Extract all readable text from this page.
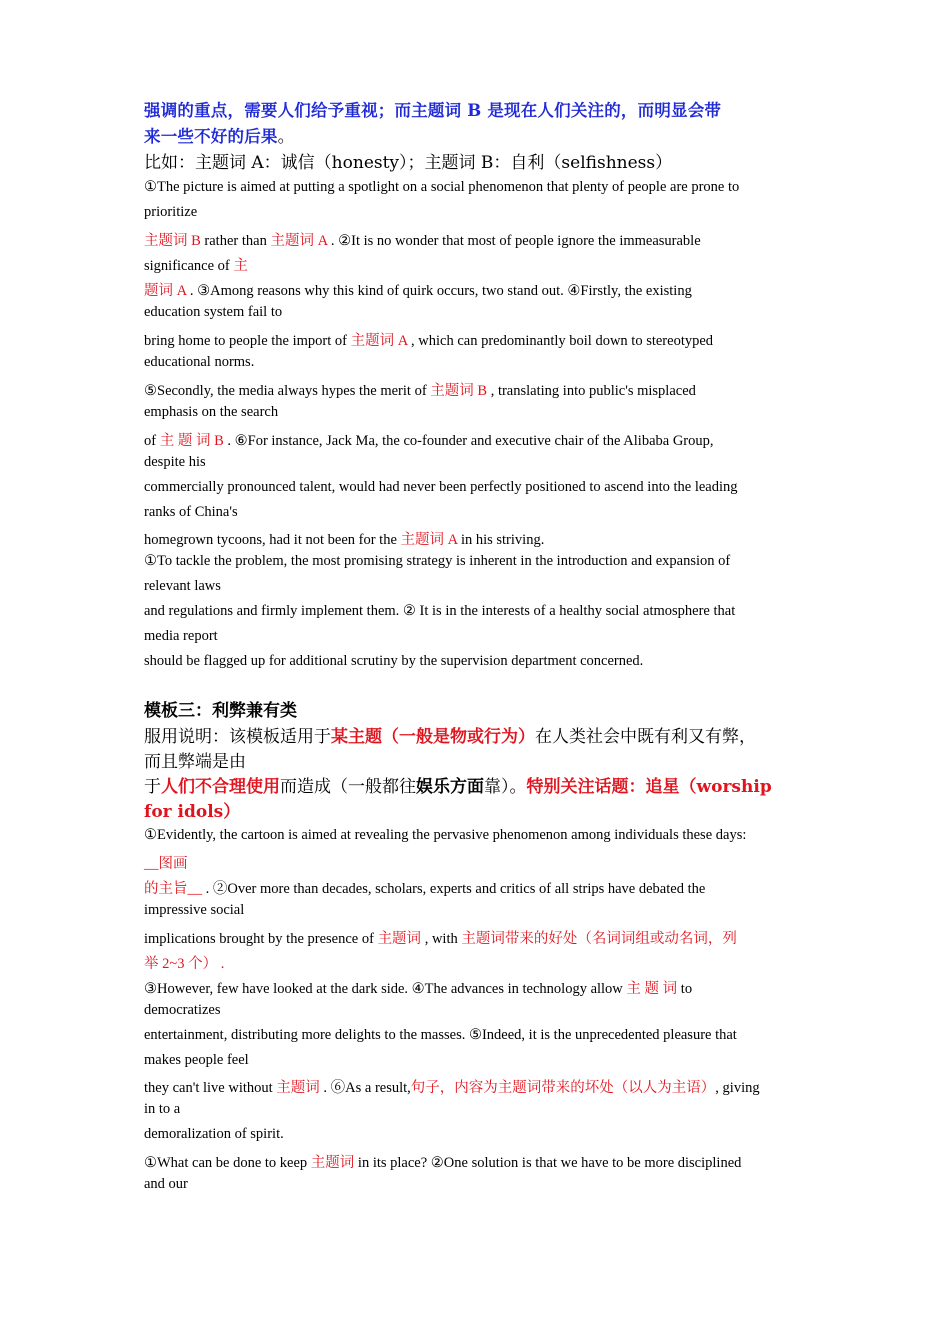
强调的重点，需要人们给予重视；而主题词 B 是现在人们关注的，而明显会带
来一些不好的后果。
比如：主题词 A：诚信（honesty）；主题词 B：自利（selfishness）
①The picture is aimed at putting a spotlight on a social phenomenon that plenty of people are prone to
prioritize
主题词 B rather than 主题词 A . ②It is no wonder that most of people ignore the immeasurable
significance of 主
题词 A . ③Among reasons why this kind of quirk occurs, two stand out. ④Firstly, the existing
education system fail to
bring home to people the import of 主题词 A , which can predominantly boil down to stereotyped
educational norms.
⑤Secondly, the media always hypes the merit of 主题词 B , translating into public's misplaced
emphasis on the search
of 主 题 词 B . ⑥For instance, Jack Ma, the co-founder and executive chair of the Alibaba Group,
despite his
commercially pronounced talent, would had never been perfectly positioned to ascend into the leading
ranks of China's
homegrown tycoons, had it not been for the 主题词 A in his striving.
①To tackle the problem, the most promising strategy is inherent in the introduction and expansion of
relevant laws
and regulations and firmly implement them. ② It is in the interests of a healthy social atmosphere that
media report
should be flagged up for additional scrutiny by the supervision department concerned.
模板三：利弊兼有类
服用说明：该模板适用于某主题（一般是物或行为）在人类社会中既有利又有弊，
而且弊端是由
于人们不合理使用而造成（一般都往娱乐方面靠）。特别关注话题：追星（worship
for idols）
①Evidently, the cartoon is aimed at revealing the pervasive phenomenon among individuals these days:
__图画
的主旨__ . ②Over more than decades, scholars, experts and critics of all strips have debated the
impressive social
implications brought by the presence of 主题词 , with 主题词带来的好处（名词词组或动名词，列
举 2~3 个） .
③However, few have looked at the dark side. ④The advances in technology allow 主 题 词 to
democratizes
entertainment, distributing more delights to the masses. ⑤Indeed, it is the unprecedented pleasure that
makes people feel
they can't live without 主题词 . ⑥As a result,句子，内容为主题词带来的坏处（以人为主语）, giving
in to a
demoralization of spirit.
①What can be done to keep 主题词 in its place? ②One solution is that we have to be more disciplined
and our
